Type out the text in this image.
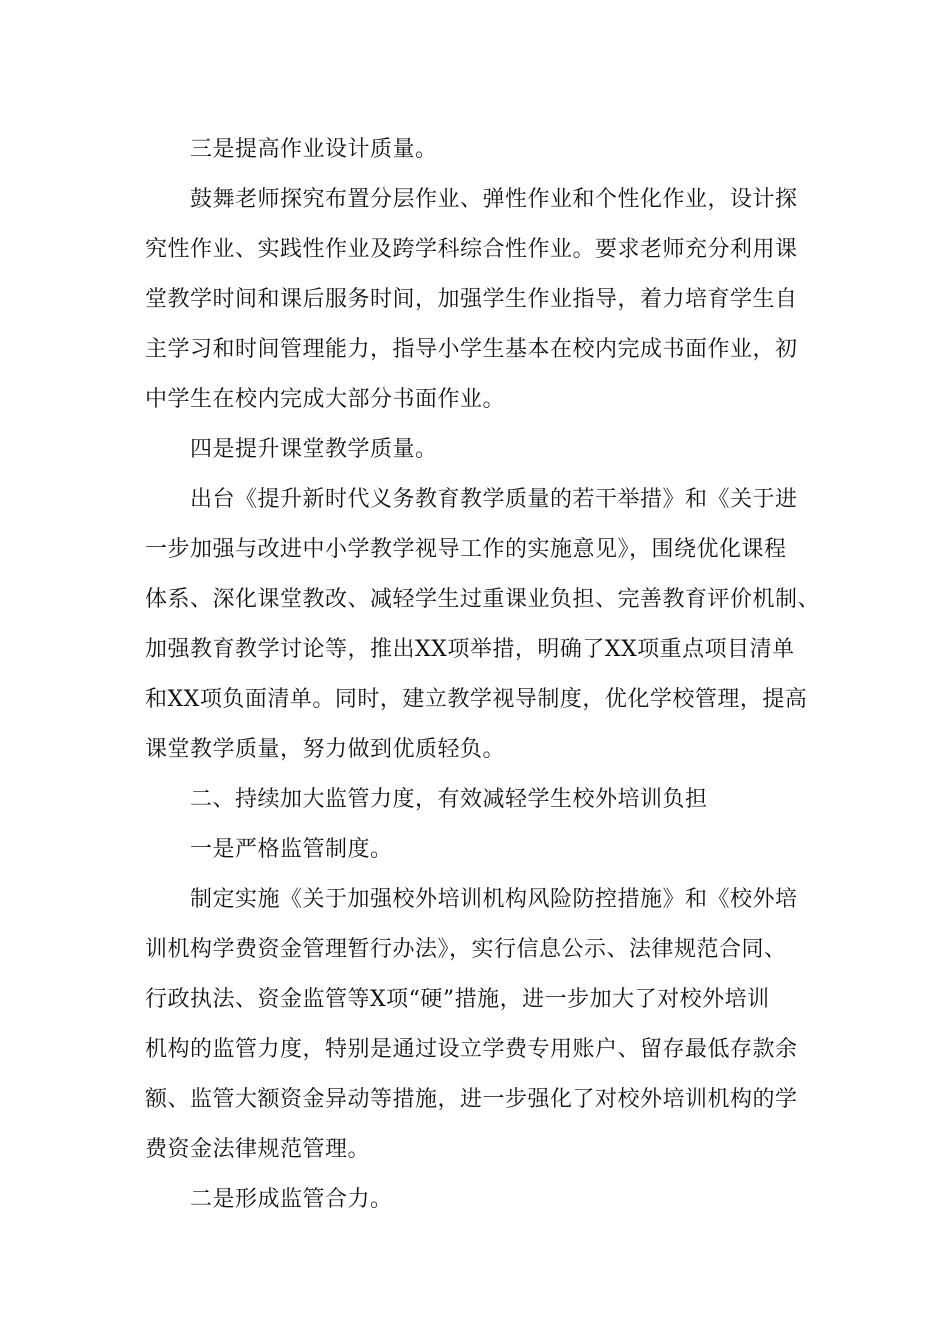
三是提高作业设计质量。

鼓舞老师探究布置分层作业、弹性作业和个性化作业，设计探

究性作业、实践性作业及跨学科综合性作业。要求老师充分利用课

堂教学时间和课后服务时间，加强学生作业指导，着力培育学生自

主学习和时间管理能力，指导小学生基本在校内完成书面作业，初

中学生在校内完成大部分书面作业。

四是提升课堂教学质量。

出台《提升新时代义务教育教学质量的若干举措》和《关于进

一步加强与改进中小学教学视导工作的实施意见》，围绕优化课程

体系、深化课堂教改、减轻学生过重课业负担、完善教育评价机制、

加强教育教学讨论等，推出XX项举措，明确了XX项重点项目清单

和XX项负面清单。同时，建立教学视导制度，优化学校管理，提高

课堂教学质量，努力做到优质轻负。

二、持续加大监管力度，有效减轻学生校外培训负担

一是严格监管制度。

制定实施《关于加强校外培训机构风险防控措施》和《校外培

训机构学费资金管理暂行办法》，实行信息公示、法律规范合同、

行政执法、资金监管等X项“硬”措施，进一步加大了对校外培训

机构的监管力度，特别是通过设立学费专用账户、留存最低存款余

额、监管大额资金异动等措施，进一步强化了对校外培训机构的学

费资金法律规范管理。

二是形成监管合力。
